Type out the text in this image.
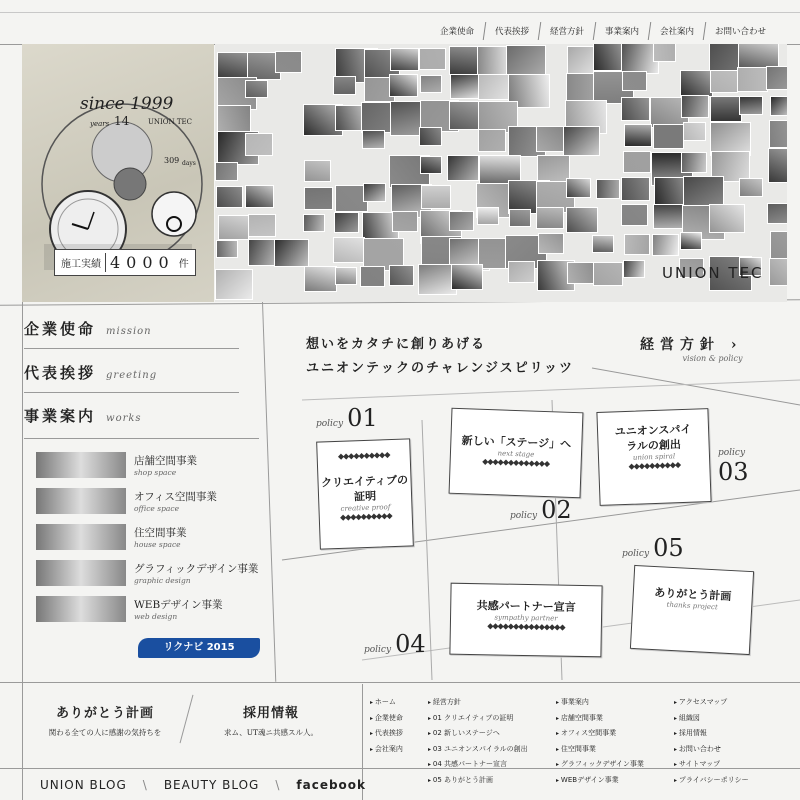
企業使命 代表挨拶 経営方針 事業案内 会社案内 お問い合わせ
since 1999
years 14	UNION TEC
309 days
施工実績 4000 件	UNION TEC
企業使命 mission
代表挨拶 greeting
事業案内 works
店舗空間事業
shop space
オフィス空間事業
office space
住空間事業
house space
グラフィックデザイン事業
graphic design
WEBデザイン事業
web design
リクナビ 2015
想いをカタチに創りあげる
ユニオンテックのチャレンジスピリッツ
経営方針 ›
vision & policy
policy 01
◆◆◆◆◆◆◆◆◆◆
クリエイティブの証明
creative proof
◆◆◆◆◆◆◆◆◆◆
新しい「ステージ」へ
next stage
◆◆◆◆◆◆◆◆◆◆◆◆◆
policy 02
ユニオンスパイラルの創出
union spiral
◆◆◆◆◆◆◆◆◆◆
policy
03
policy 05
ありがとう計画
thanks project
共感パートナー宣言
sympathy partner
◆◆◆◆◆◆◆◆◆◆◆◆◆◆◆
policy 04
ありがとう計画
関わる全ての人に感謝の気持ちを
採用情報
求ム、UT魂ニ共感スル人。
▸ ホーム
▸ 企業使命
▸ 代表挨拶
▸ 会社案内
▸ 経営方針
▸ 01 クリエイティブの証明
▸ 02 新しいステージへ
▸ 03 ユニオンスパイラルの創出
▸ 04 共感パートナー宣言
▸ 05 ありがとう計画
▸ 事業案内
▸ 店舗空間事業
▸ オフィス空間事業
▸ 住空間事業
▸ グラフィックデザイン事業
▸ WEBデザイン事業
▸ アクセスマップ
▸ 組織図
▸ 採用情報
▸ お問い合わせ
▸ サイトマップ
▸ プライバシーポリシー
UNION BLOG	\	BEAUTY BLOG	\	facebook
